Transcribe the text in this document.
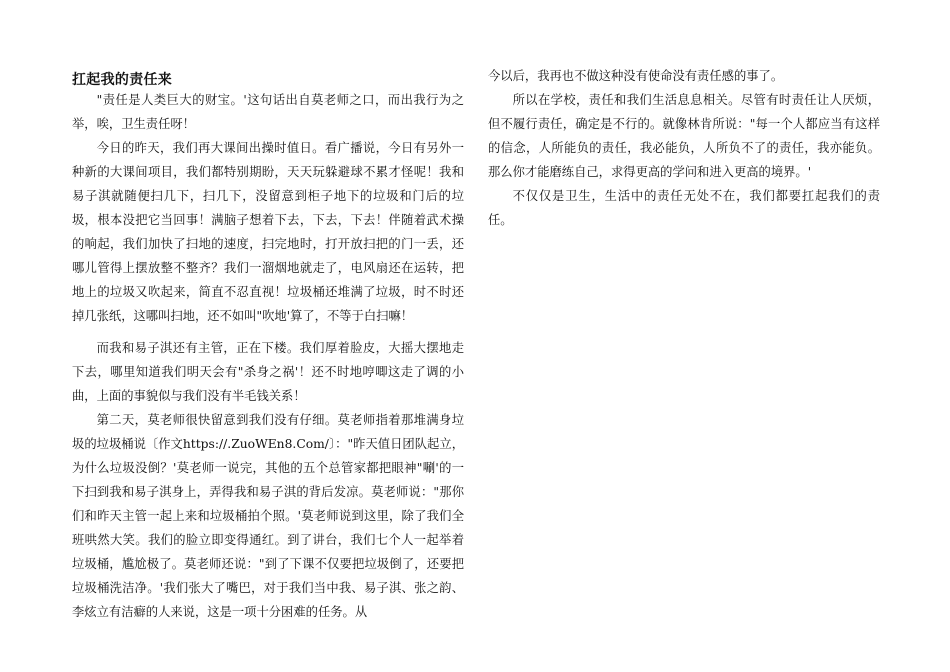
扛起我的责任来

"责任是人类巨大的财宝。'这句话出自莫老师之口，而出我行为之举，唉，卫生责任呀！

今日的昨天，我们再大课间出操时值日。看广播说，今日有另外一种新的大课间项目，我们都特别期盼，天天玩躲避球不累才怪呢！我和易子淇就随便扫几下，扫几下，没留意到柜子地下的垃圾和门后的垃圾，根本没把它当回事！满脑子想着下去，下去，下去！伴随着武术操的响起，我们加快了扫地的速度，扫完地时，打开放扫把的门一丢，还哪儿管得上摆放整不整齐？我们一溜烟地就走了，电风扇还在运转，把地上的垃圾又吹起来，简直不忍直视！垃圾桶还堆满了垃圾，时不时还掉几张纸，这哪叫扫地，还不如叫"吹地'算了，不等于白扫嘛！

而我和易子淇还有主管，正在下楼。我们厚着脸皮，大摇大摆地走下去，哪里知道我们明天会有"杀身之祸'！还不时地哼唧这走了调的小曲，上面的事貌似与我们没有半毛钱关系！

第二天，莫老师很快留意到我们没有仔细。莫老师指着那堆满身垃圾的垃圾桶说〔作文https://.ZuoWEn8.Com/〕："昨天值日团队起立，为什么垃圾没倒？'莫老师一说完，其他的五个总管家都把眼神"唰'的一下扫到我和易子淇身上，弄得我和易子淇的背后发凉。莫老师说："那你们和昨天主管一起上来和垃圾桶拍个照。'莫老师说到这里，除了我们全班哄然大笑。我们的脸立即变得通红。到了讲台，我们七个人一起举着垃圾桶，尴尬极了。莫老师还说："到了下课不仅要把垃圾倒了，还要把垃圾桶洗洁净。'我们张大了嘴巴，对于我们当中我、易子淇、张之韵、李炫立有洁癖的人来说，这是一项十分困难的任务。从

今以后，我再也不做这种没有使命没有责任感的事了。

所以在学校，责任和我们生活息息相关。尽管有时责任让人厌烦，但不履行责任，确定是不行的。就像林肯所说："每一个人都应当有这样的信念，人所能负的责任，我必能负，人所负不了的责任，我亦能负。那么你才能磨练自己，求得更高的学问和进入更高的境界。'

不仅仅是卫生，生活中的责任无处不在，我们都要扛起我们的责任。
